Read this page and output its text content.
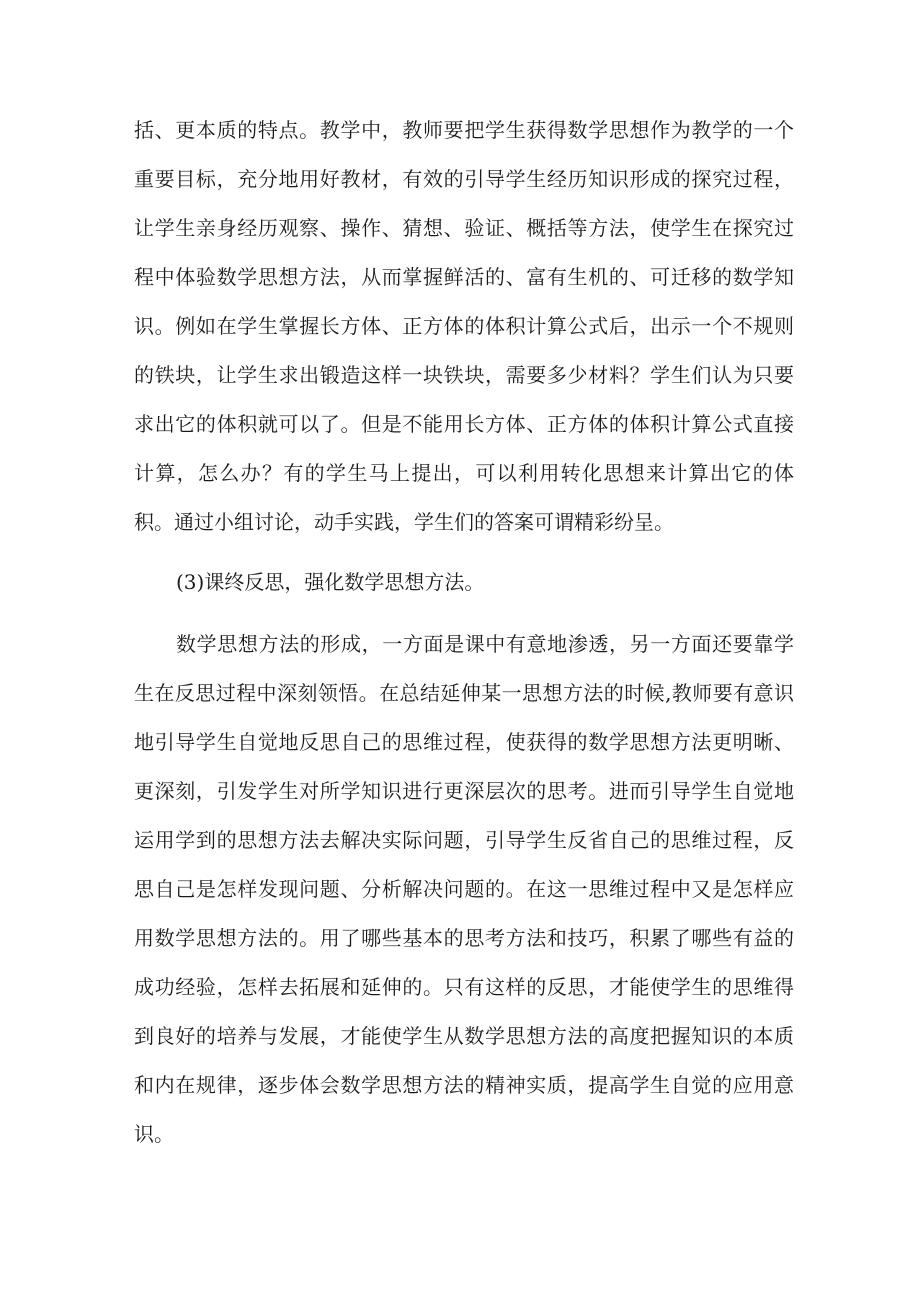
括、更本质的特点。教学中，教师要把学生获得数学思想作为教学的一个
重要目标，充分地用好教材，有效的引导学生经历知识形成的探究过程，
让学生亲身经历观察、操作、猜想、验证、概括等方法，使学生在探究过
程中体验数学思想方法，从而掌握鲜活的、富有生机的、可迁移的数学知
识。例如在学生掌握长方体、正方体的体积计算公式后，出示一个不规则
的铁块，让学生求出锻造这样一块铁块，需要多少材料？学生们认为只要
求出它的体积就可以了。但是不能用长方体、正方体的体积计算公式直接
计算，怎么办？有的学生马上提出，可以利用转化思想来计算出它的体
积。通过小组讨论，动手实践，学生们的答案可谓精彩纷呈。
(3)课终反思，强化数学思想方法。
数学思想方法的形成，一方面是课中有意地渗透，另一方面还要靠学
生在反思过程中深刻领悟。在总结延伸某一思想方法的时候,教师要有意识
地引导学生自觉地反思自己的思维过程，使获得的数学思想方法更明晰、
更深刻，引发学生对所学知识进行更深层次的思考。进而引导学生自觉地
运用学到的思想方法去解决实际问题，引导学生反省自己的思维过程，反
思自己是怎样发现问题、分析解决问题的。在这一思维过程中又是怎样应
用数学思想方法的。用了哪些基本的思考方法和技巧，积累了哪些有益的
成功经验，怎样去拓展和延伸的。只有这样的反思，才能使学生的思维得
到良好的培养与发展，才能使学生从数学思想方法的高度把握知识的本质
和内在规律，逐步体会数学思想方法的精神实质，提高学生自觉的应用意
识。
